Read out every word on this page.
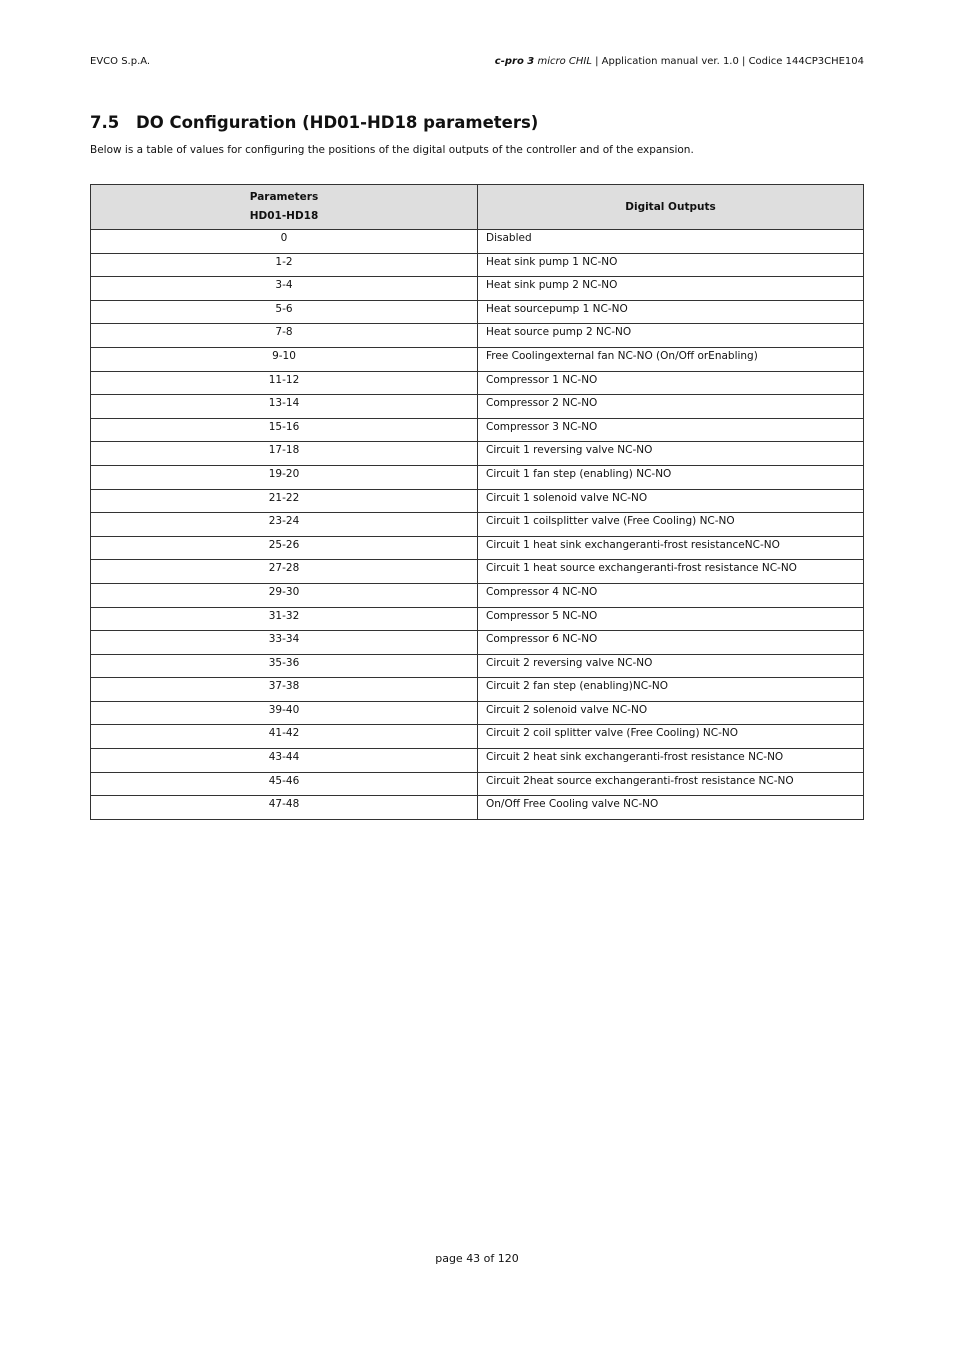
EVCO S.p.A.	c-pro 3 micro CHIL | Application manual ver. 1.0 | Codice 144CP3CHE104
7.5 DO Configuration (HD01-HD18 parameters)

Below is a table of values for configuring the positions of the digital outputs of the controller and of the expansion.

Parameters
HD01-HD18	Digital Outputs
0	Disabled
1-2	Heat sink pump 1 NC-NO
3-4	Heat sink pump 2 NC-NO
5-6	Heat sourcepump 1 NC-NO
7-8	Heat source pump 2 NC-NO
9-10	Free Coolingexternal fan NC-NO (On/Off orEnabling)
11-12	Compressor 1 NC-NO
13-14	Compressor 2 NC-NO
15-16	Compressor 3 NC-NO
17-18	Circuit 1 reversing valve NC-NO
19-20	Circuit 1 fan step (enabling) NC-NO
21-22	Circuit 1 solenoid valve NC-NO
23-24	Circuit 1 coilsplitter valve (Free Cooling) NC-NO
25-26	Circuit 1 heat sink exchangeranti-frost resistanceNC-NO
27-28	Circuit 1 heat source exchangeranti-frost resistance NC-NO
29-30	Compressor 4 NC-NO
31-32	Compressor 5 NC-NO
33-34	Compressor 6 NC-NO
35-36	Circuit 2 reversing valve NC-NO
37-38	Circuit 2 fan step (enabling)NC-NO
39-40	Circuit 2 solenoid valve NC-NO
41-42	Circuit 2 coil splitter valve (Free Cooling) NC-NO
43-44	Circuit 2 heat sink exchangeranti-frost resistance NC-NO
45-46	Circuit 2heat source exchangeranti-frost resistance NC-NO
47-48	On/Off Free Cooling valve NC-NO
page 43 of 120
